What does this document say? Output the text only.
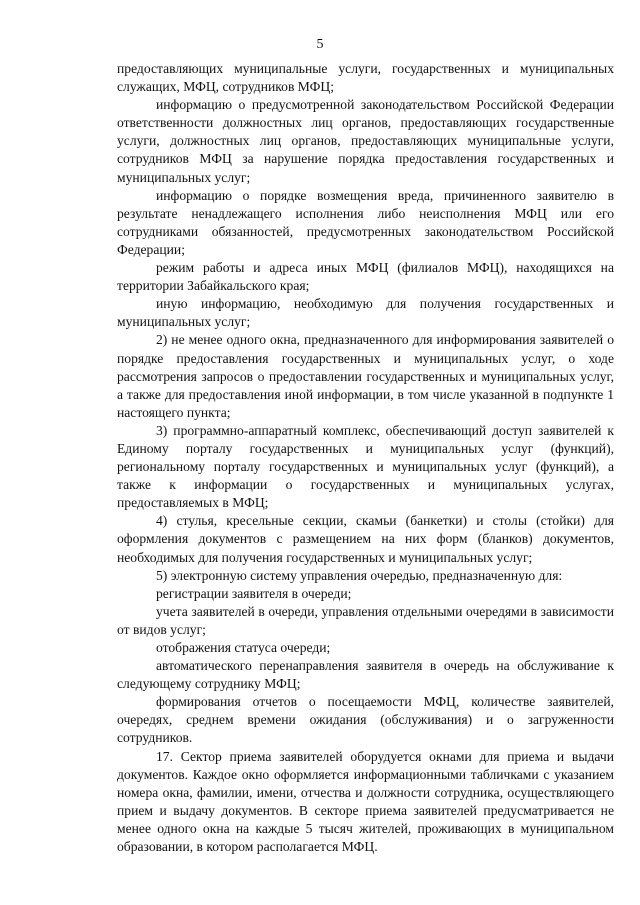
5

предоставляющих муниципальные услуги, государственных и муниципальных служащих, МФЦ, сотрудников МФЦ;

информацию о предусмотренной законодательством Российской Федерации ответственности должностных лиц органов, предоставляющих государственные услуги, должностных лиц органов, предоставляющих муниципальные услуги, сотрудников МФЦ за нарушение порядка предоставления государственных и муниципальных услуг;

информацию о порядке возмещения вреда, причиненного заявителю в результате ненадлежащего исполнения либо неисполнения МФЦ или его сотрудниками обязанностей, предусмотренных законодательством Российской Федерации;

режим работы и адреса иных МФЦ (филиалов МФЦ), находящихся на территории Забайкальского края;

иную информацию, необходимую для получения государственных и муниципальных услуг;

2) не менее одного окна, предназначенного для информирования заявителей о порядке предоставления государственных и муниципальных услуг, о ходе рассмотрения запросов о предоставлении государственных и муниципальных услуг, а также для предоставления иной информации, в том числе указанной в подпункте 1 настоящего пункта;

3) программно-аппаратный комплекс, обеспечивающий доступ заявителей к Единому порталу государственных и муниципальных услуг (функций), региональному порталу государственных и муниципальных услуг (функций), а также к информации о государственных и муниципальных услугах, предоставляемых в МФЦ;

4) стулья, кресельные секции, скамьи (банкетки) и столы (стойки) для оформления документов с размещением на них форм (бланков) документов, необходимых для получения государственных и муниципальных услуг;

5) электронную систему управления очередью, предназначенную для:

регистрации заявителя в очереди;

учета заявителей в очереди, управления отдельными очередями в зависимости от видов услуг;

отображения статуса очереди;

автоматического перенаправления заявителя в очередь на обслуживание к следующему сотруднику МФЦ;

формирования отчетов о посещаемости МФЦ, количестве заявителей, очередях, среднем времени ожидания (обслуживания) и о загруженности сотрудников.

17. Сектор приема заявителей оборудуется окнами для приема и выдачи документов. Каждое окно оформляется информационными табличками с указанием номера окна, фамилии, имени, отчества и должности сотрудника, осуществляющего прием и выдачу документов. В секторе приема заявителей предусматривается не менее одного окна на каждые 5 тысяч жителей, проживающих в муниципальном образовании, в котором располагается МФЦ.
